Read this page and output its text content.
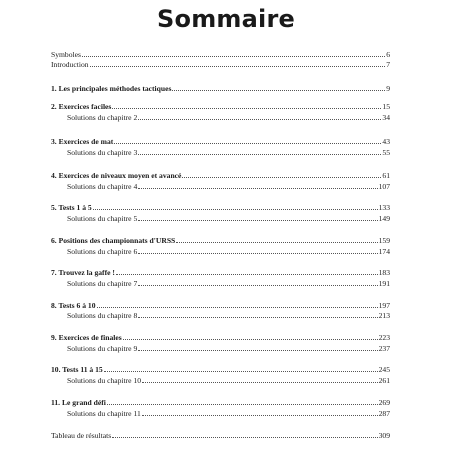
Sommaire
Symboles	6
Introduction	7
1. Les principales méthodes tactiques	9
2. Exercices faciles	15
Solutions du chapitre 2	34
3. Exercices de mat	43
Solutions du chapitre 3	55
4. Exercices de niveaux moyen et avancé	61
Solutions du chapitre 4	107
5. Tests 1 à 5	133
Solutions du chapitre 5	149
6. Positions des championnats d'URSS	159
Solutions du chapitre 6	174
7. Trouvez la gaffe !	183
Solutions du chapitre 7	191
8. Tests 6 à 10	197
Solutions du chapitre 8	213
9. Exercices de finales	223
Solutions du chapitre 9	237
10. Tests 11 à 15	245
Solutions du chapitre 10	261
11. Le grand défi	269
Solutions du chapitre 11	287
Tableau de résultats	309
